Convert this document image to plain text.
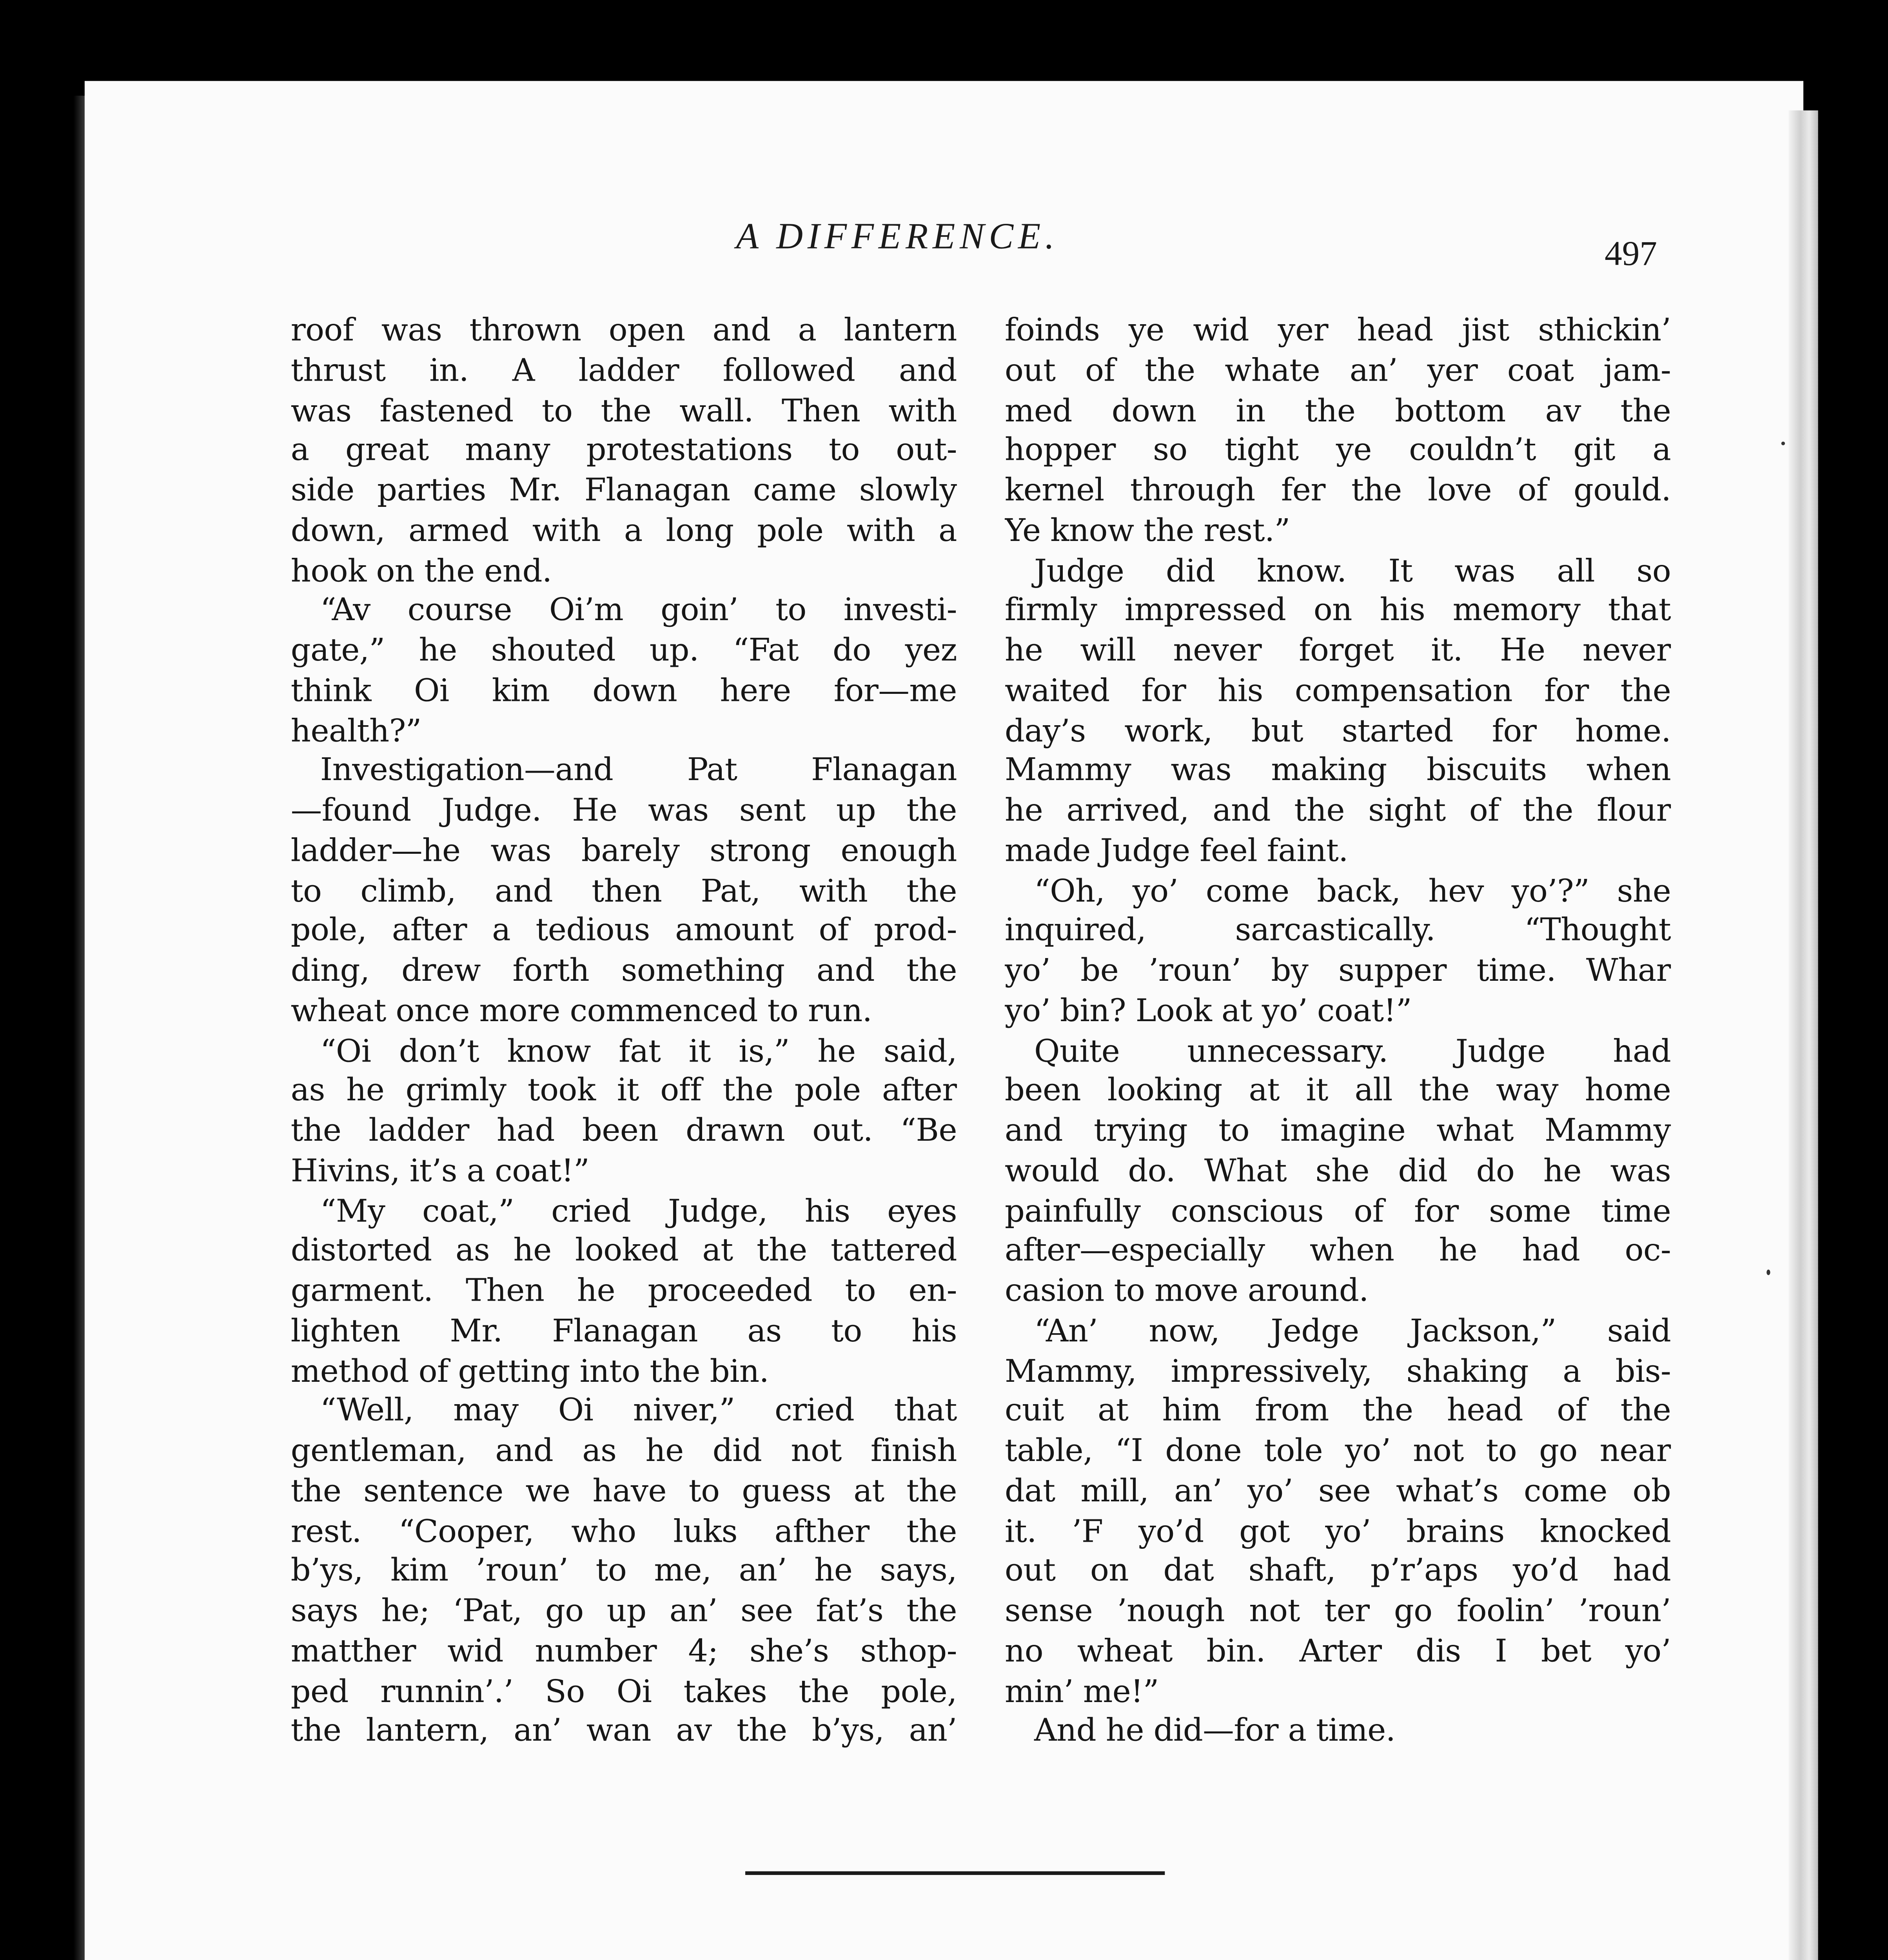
A DIFFERENCE.	497
roof was thrown open and a lantern
thrust in. A ladder followed and
was fastened to the wall. Then with
a great many protestations to out-
side parties Mr. Flanagan came slowly
down, armed with a long pole with a
hook on the end.
“Av course Oi’m goin’ to investi-
gate,” he shouted up. “Fat do yez
think Oi kim down here for—me
health?”
Investigation—and Pat Flanagan
—found Judge. He was sent up the
ladder—he was barely strong enough
to climb, and then Pat, with the
pole, after a tedious amount of prod-
ding, drew forth something and the
wheat once more commenced to run.
“Oi don’t know fat it is,” he said,
as he grimly took it off the pole after
the ladder had been drawn out. “Be
Hivins, it’s a coat!”
“My coat,” cried Judge, his eyes
distorted as he looked at the tattered
garment. Then he proceeded to en-
lighten Mr. Flanagan as to his
method of getting into the bin.
“Well, may Oi niver,” cried that
gentleman, and as he did not finish
the sentence we have to guess at the
rest. “Cooper, who luks afther the
b’ys, kim ’roun’ to me, an’ he says,
says he; ‘Pat, go up an’ see fat’s the
matther wid number 4; she’s sthop-
ped runnin’.’ So Oi takes the pole,
the lantern, an’ wan av the b’ys, an’
foinds ye wid yer head jist sthickin’
out of the whate an’ yer coat jam-
med down in the bottom av the
hopper so tight ye couldn’t git a
kernel through fer the love of gould.
Ye know the rest.”
Judge did know. It was all so
firmly impressed on his memory that
he will never forget it. He never
waited for his compensation for the
day’s work, but started for home.
Mammy was making biscuits when
he arrived, and the sight of the flour
made Judge feel faint.
“Oh, yo’ come back, hev yo’?” she
inquired, sarcastically. “Thought
yo’ be ’roun’ by supper time. Whar
yo’ bin? Look at yo’ coat!”
Quite unnecessary. Judge had
been looking at it all the way home
and trying to imagine what Mammy
would do. What she did do he was
painfully conscious of for some time
after—especially when he had oc-
casion to move around.
“An’ now, Jedge Jackson,” said
Mammy, impressively, shaking a bis-
cuit at him from the head of the
table, “I done tole yo’ not to go near
dat mill, an’ yo’ see what’s come ob
it. ’F yo’d got yo’ brains knocked
out on dat shaft, p’r’aps yo’d had
sense ’nough not ter go foolin’ ’roun’
no wheat bin. Arter dis I bet yo’
min’ me!”
And he did—for a time.
